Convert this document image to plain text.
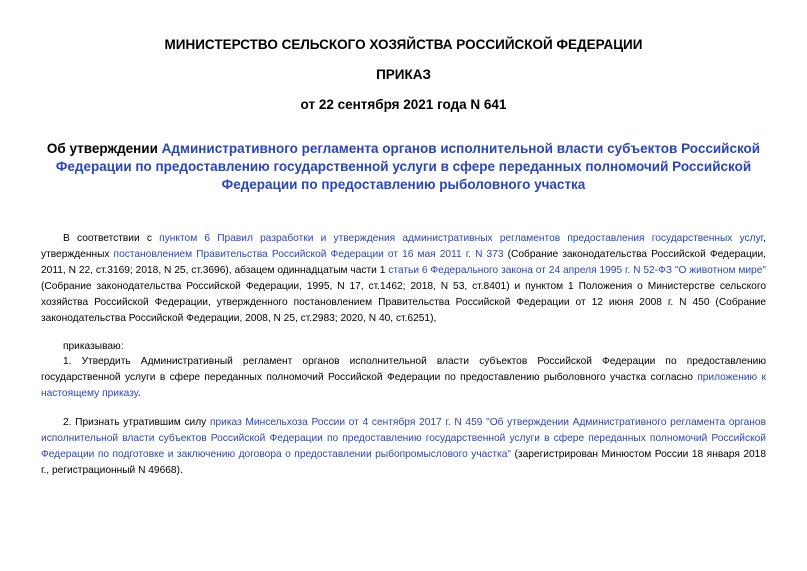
МИНИСТЕРСТВО СЕЛЬСКОГО ХОЗЯЙСТВА РОССИЙСКОЙ ФЕДЕРАЦИИ
ПРИКАЗ
от 22 сентября 2021 года N 641
Об утверждении Административного регламента органов исполнительной власти субъектов Российской Федерации по предоставлению государственной услуги в сфере переданных полномочий Российской Федерации по предоставлению рыболовного участка
В соответствии с пунктом 6 Правил разработки и утверждения административных регламентов предоставления государственных услуг, утвержденных постановлением Правительства Российской Федерации от 16 мая 2011 г. N 373 (Собрание законодательства Российской Федерации, 2011, N 22, ст.3169; 2018, N 25, ст.3696), абзацем одиннадцатым части 1 статьи 6 Федерального закона от 24 апреля 1995 г. N 52-ФЗ "О животном мире" (Собрание законодательства Российской Федерации, 1995, N 17, ст.1462; 2018, N 53, ст.8401) и пунктом 1 Положения о Министерстве сельского хозяйства Российской Федерации, утвержденного постановлением Правительства Российской Федерации от 12 июня 2008 г. N 450 (Собрание законодательства Российской Федерации, 2008, N 25, ст.2983; 2020, N 40, ст.6251),
приказываю:
1. Утвердить Административный регламент органов исполнительной власти субъектов Российской Федерации по предоставлению государственной услуги в сфере переданных полномочий Российской Федерации по предоставлению рыболовного участка согласно приложению к настоящему приказу.
2. Признать утратившим силу приказ Минсельхоза России от 4 сентября 2017 г. N 459 "Об утверждении Административного регламента органов исполнительной власти субъектов Российской Федерации по предоставлению государственной услуги в сфере переданных полномочий Российской Федерации по подготовке и заключению договора о предоставлении рыбопромыслового участка" (зарегистрирован Минюстом России 18 января 2018 г., регистрационный N 49668).
